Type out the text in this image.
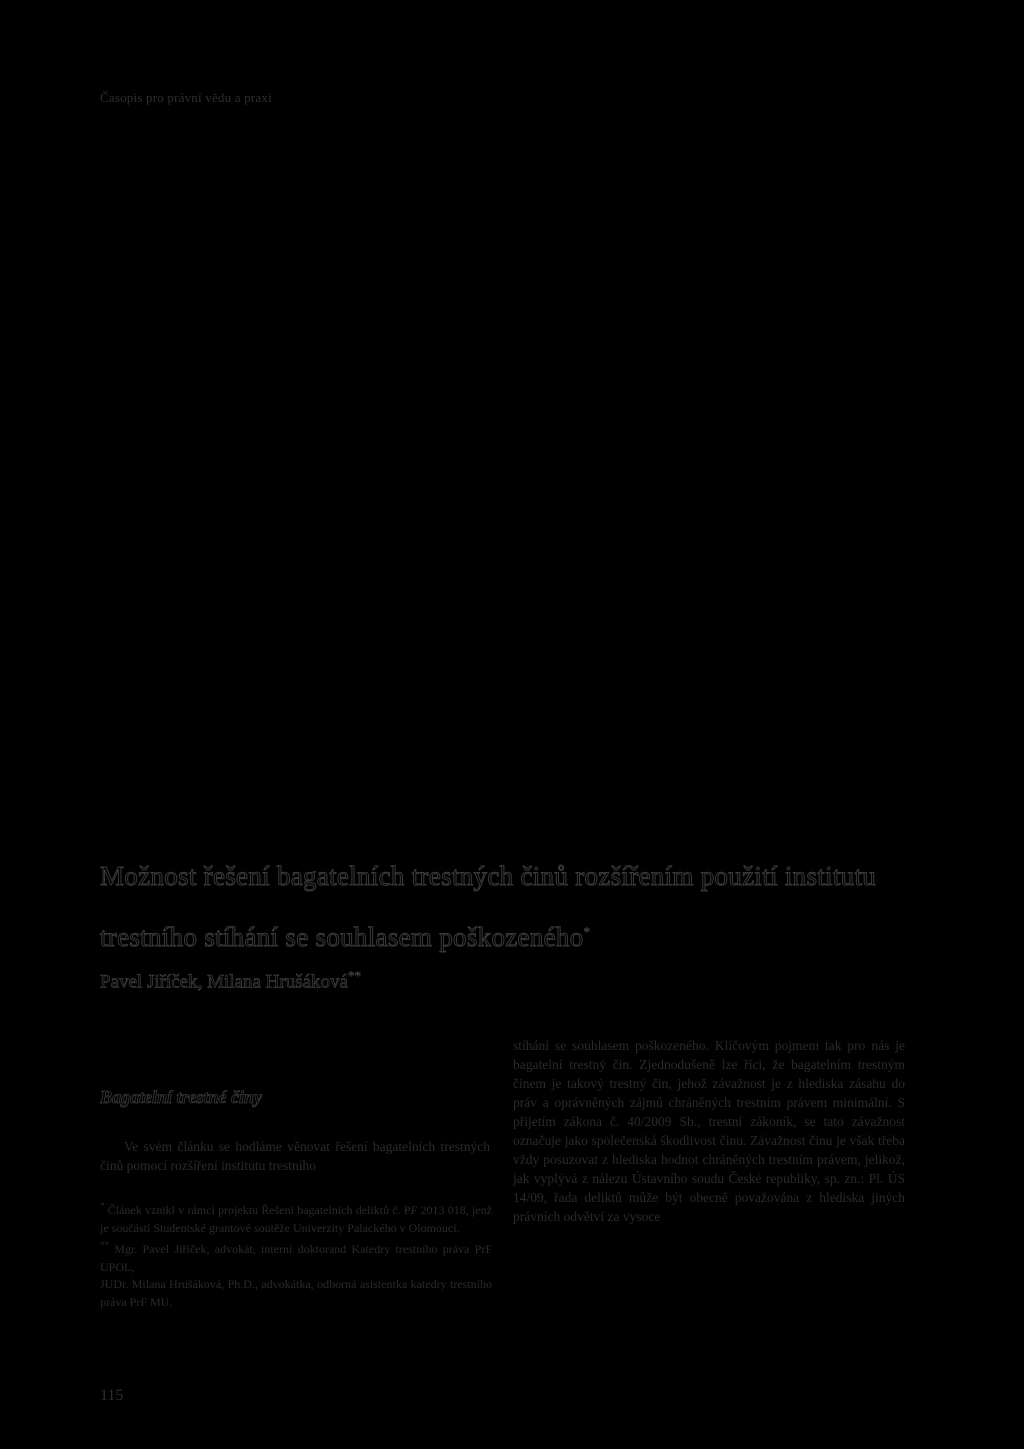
Časopis pro právní vědu a praxi
Možnost řešení bagatelních trestných činů rozšířením použití institutu trestního stíhání se souhlasem poškozeného*
Pavel Jiříček, Milana Hrušáková**
Bagatelní trestné činy

Ve svém článku se hodláme věnovat řešení bagatelních trestných činů pomocí rozšíření institutu trestního

* Článek vznikl v rámci projektu Řešení bagatelních deliktů č. PF 2013 018, jenž je součástí Studentské grantové soutěže Univerzity Palackého v Olomouci.

** Mgr. Pavel Jiříček, advokát, interní doktorand Katedry trestního práva PrF UPOL,

JUDr. Milana Hrušáková, Ph.D., advokátka, odborná asistentka katedry trestního práva PrF MU.

stíhání se souhlasem poškozeného. Klíčovým pojmem tak pro nás je bagatelní trestný čin. Zjednodušeně lze říci, že bagatelním trestným činem je takový trestný čin, jehož závažnost je z hlediska zásahu do práv a oprávněných zájmů chráněných trestním právem minimální. S přijetím zákona č. 40/2009 Sb., trestní zákoník, se tato závažnost označuje jako společenská škodlivost činu. Závažnost činu je však třeba vždy posuzovat z hlediska hodnot chráněných trestním právem, jelikož, jak vyplývá z nálezu Ústavního soudu České republiky, sp. zn.: Pl. ÚS 14/09, řada deliktů může být obecně považována z hlediska jiných právních odvětví za vysoce

115
